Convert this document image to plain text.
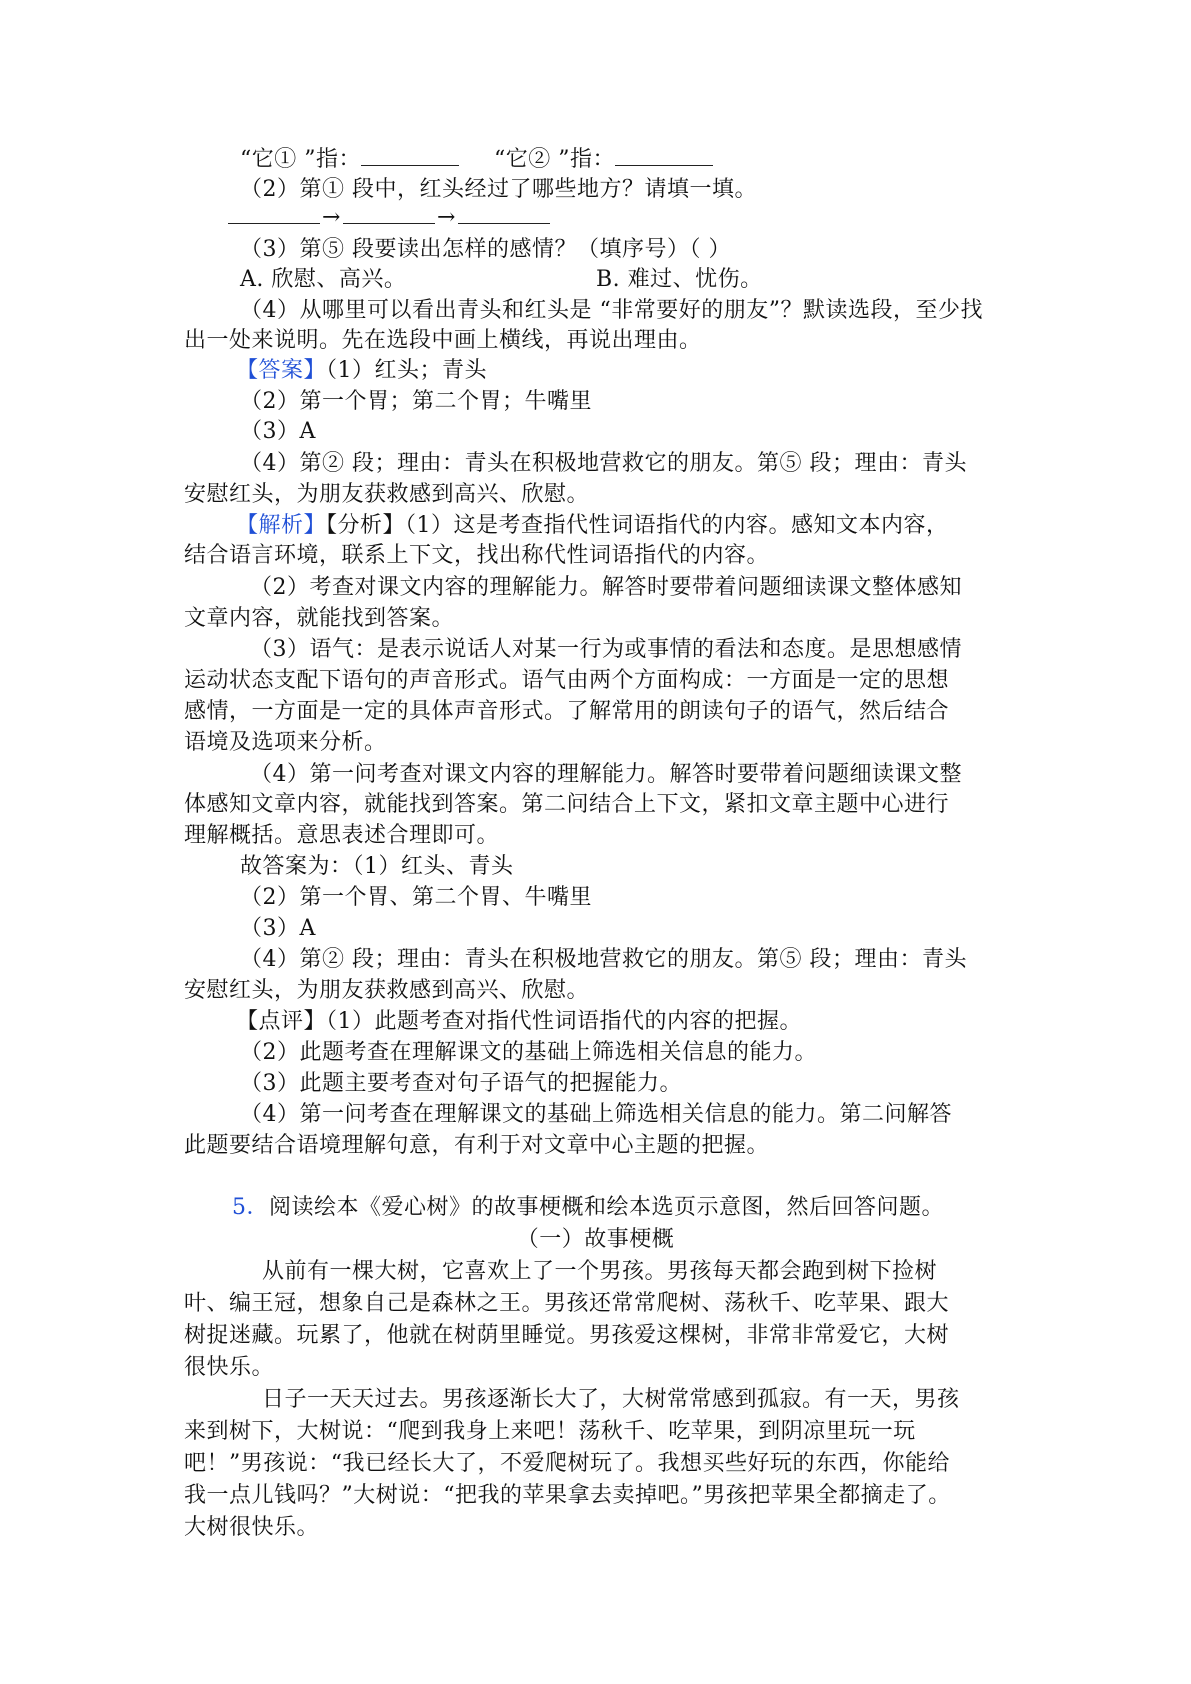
“它① ”指：	“它② ”指：
（2）第① 段中，红头经过了哪些地方？请填一填。
→	→
（3）第⑤ 段要读出怎样的感情？（填序号）（ ）
A. 欣慰、高兴。	B. 难过、忧伤。
（4）从哪里可以看出青头和红头是 “非常要好的朋友”？默读选段，至少找
出一处来说明。先在选段中画上横线，再说出理由。
【答案】（1）红头；青头
（2）第一个胃；第二个胃；牛嘴里
（3）A
（4）第② 段；理由：青头在积极地营救它的朋友。第⑤ 段；理由：青头
安慰红头，为朋友获救感到高兴、欣慰。
【解析】【分析】（1）这是考查指代性词语指代的内容。感知文本内容，
结合语言环境，联系上下文，找出称代性词语指代的内容。
（2）考查对课文内容的理解能力。解答时要带着问题细读课文整体感知
文章内容，就能找到答案。
（3）语气：是表示说话人对某一行为或事情的看法和态度。是思想感情
运动状态支配下语句的声音形式。语气由两个方面构成：一方面是一定的思想
感情，一方面是一定的具体声音形式。了解常用的朗读句子的语气，然后结合
语境及选项来分析。
（4）第一问考查对课文内容的理解能力。解答时要带着问题细读课文整
体感知文章内容，就能找到答案。第二问结合上下文，紧扣文章主题中心进行
理解概括。意思表述合理即可。
故答案为：（1）红头、青头
（2）第一个胃、第二个胃、牛嘴里
（3）A
（4）第② 段；理由：青头在积极地营救它的朋友。第⑤ 段；理由：青头
安慰红头，为朋友获救感到高兴、欣慰。
【点评】（1）此题考查对指代性词语指代的内容的把握。
（2）此题考查在理解课文的基础上筛选相关信息的能力。
（3）此题主要考查对句子语气的把握能力。
（4）第一问考查在理解课文的基础上筛选相关信息的能力。第二问解答
此题要结合语境理解句意，有利于对文章中心主题的把握。
5．阅读绘本《爱心树》的故事梗概和绘本选页示意图，然后回答问题。
（一）故事梗概
从前有一棵大树，它喜欢上了一个男孩。男孩每天都会跑到树下捡树
叶、编王冠，想象自己是森林之王。男孩还常常爬树、荡秋千、吃苹果、跟大
树捉迷藏。玩累了，他就在树荫里睡觉。男孩爱这棵树，非常非常爱它，大树
很快乐。
日子一天天过去。男孩逐渐长大了，大树常常感到孤寂。有一天，男孩
来到树下，大树说：“爬到我身上来吧！荡秋千、吃苹果，到阴凉里玩一玩
吧！”男孩说：“我已经长大了，不爱爬树玩了。我想买些好玩的东西，你能给
我一点儿钱吗？”大树说：“把我的苹果拿去卖掉吧。”男孩把苹果全都摘走了。
大树很快乐。
